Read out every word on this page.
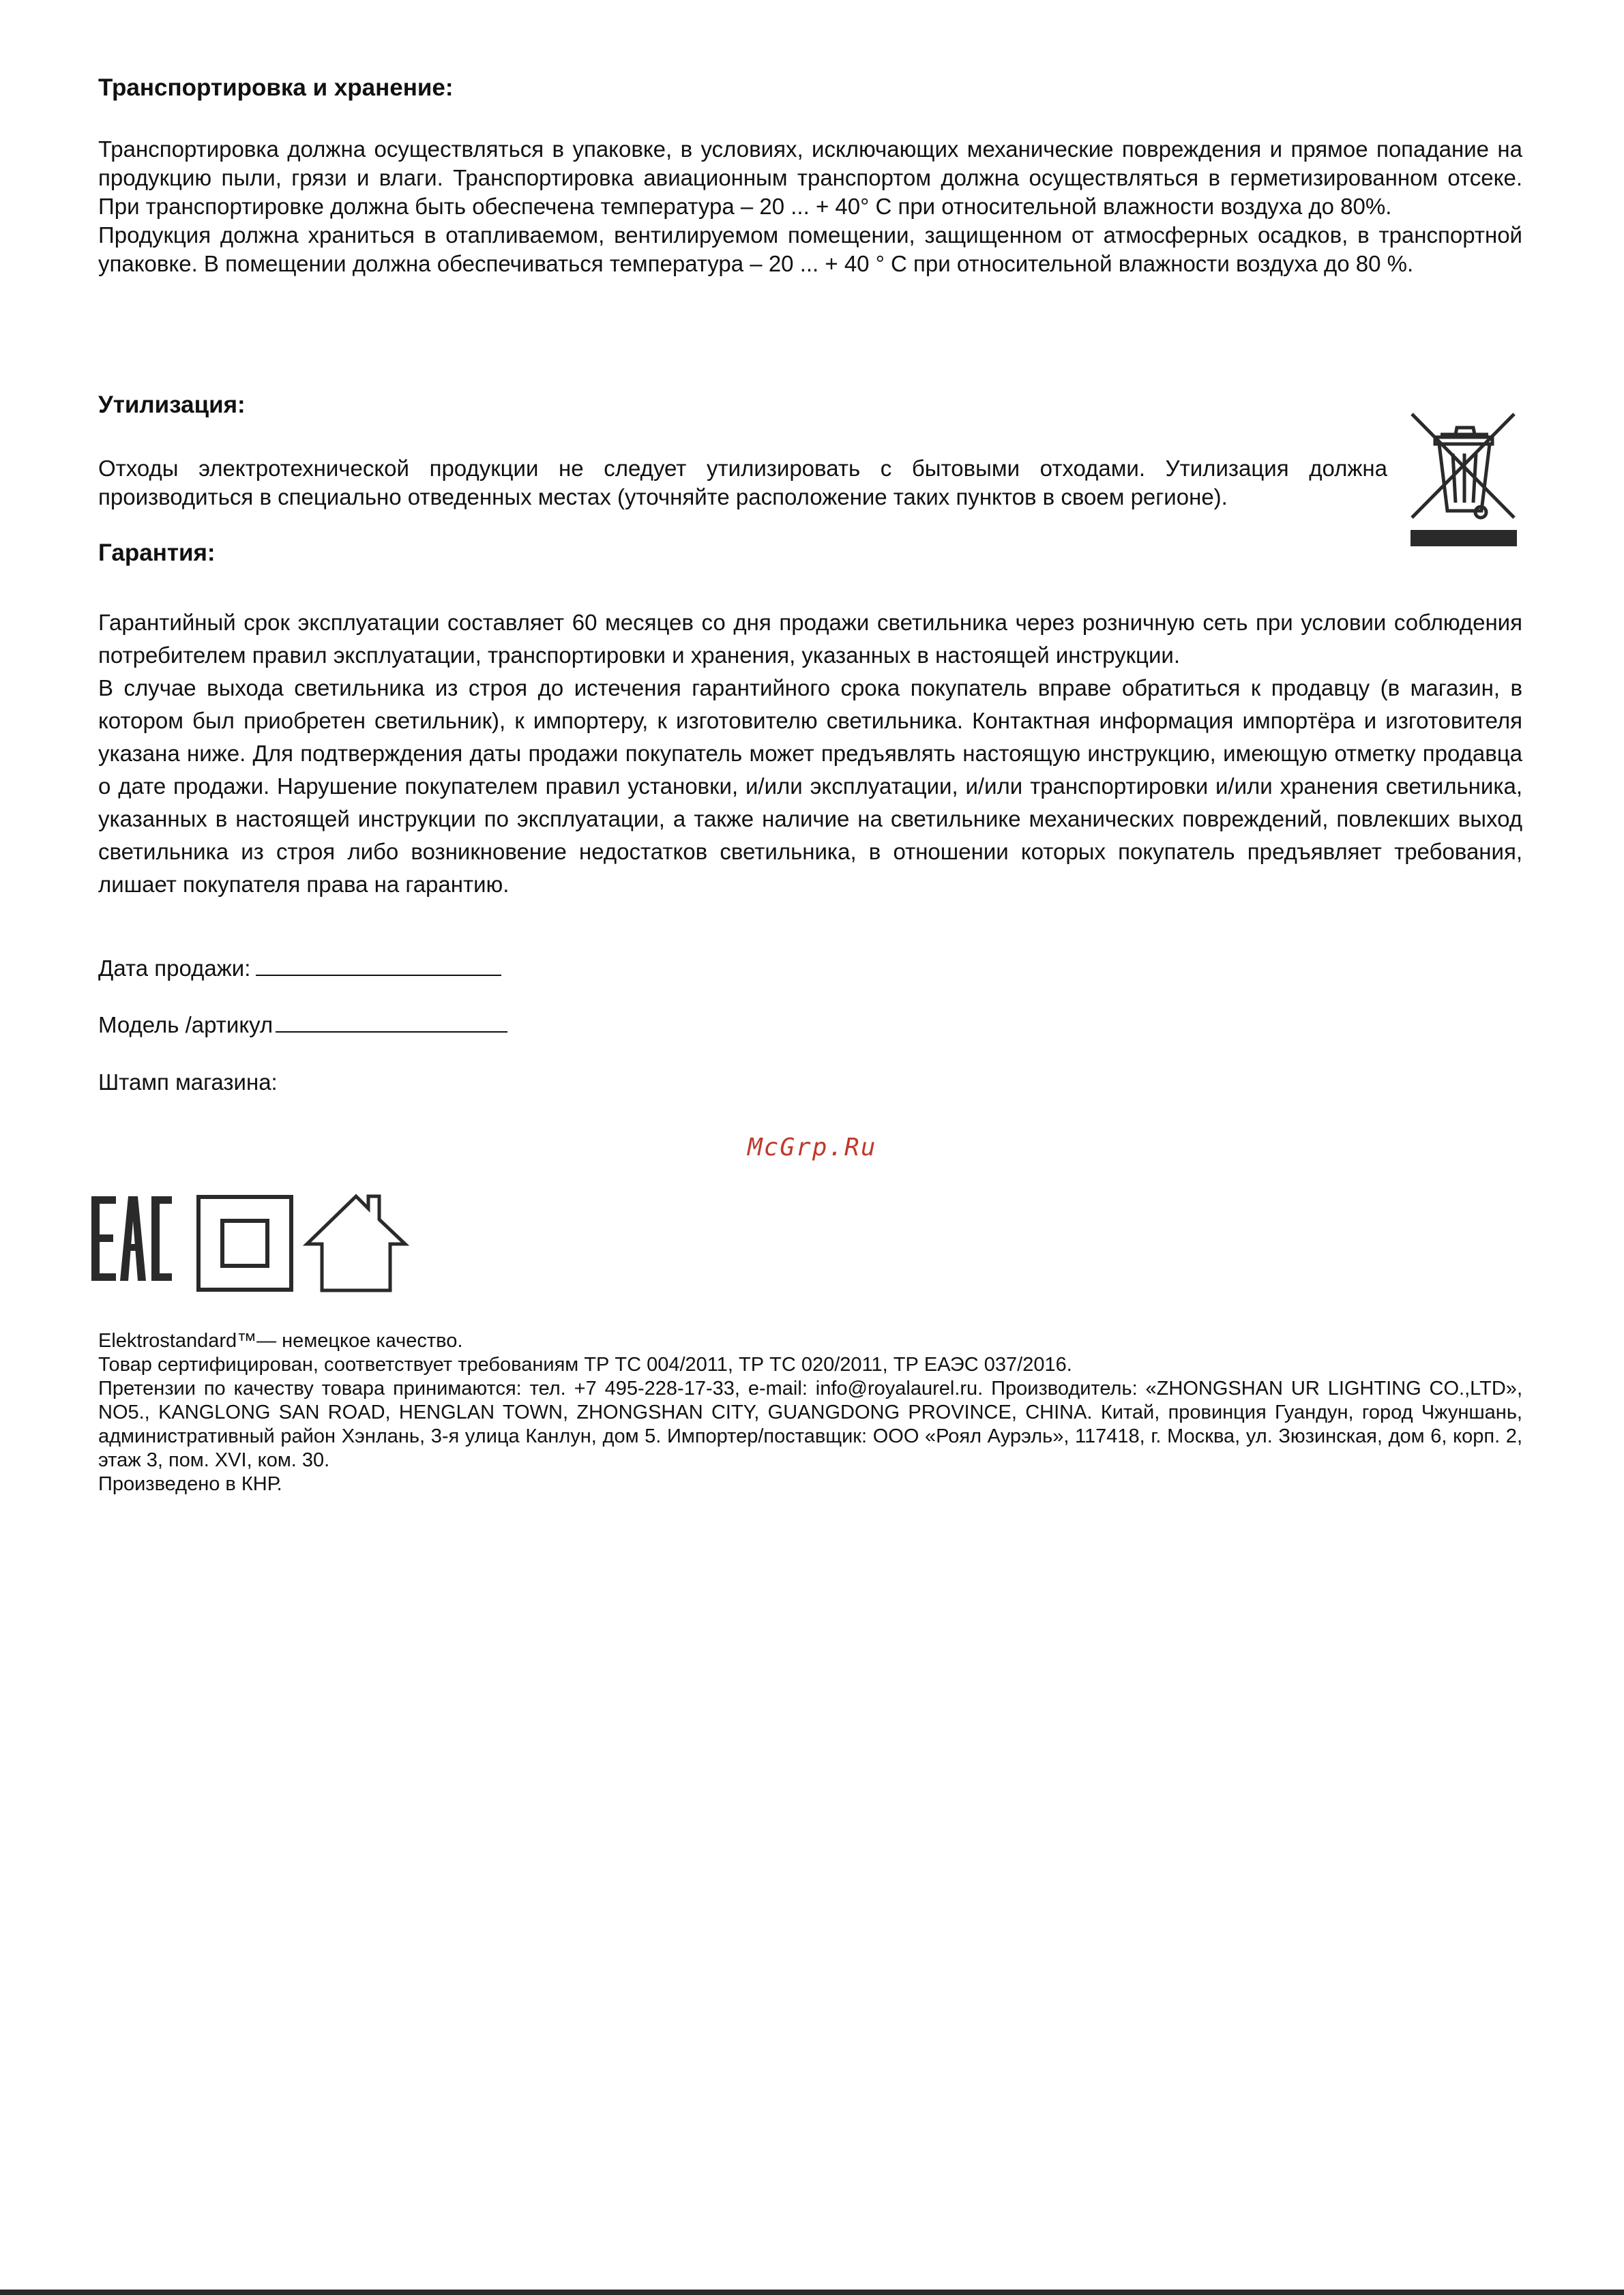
Транспортировка и хранение:

Транспортировка должна осуществляться в упаковке, в условиях, исключающих механические повреждения и прямое попадание на продукцию пыли, грязи и влаги. Транспортировка авиационным транспортом должна осуществляться в герметизированном отсеке. При транспортировке должна быть обеспечена температура – 20 ... + 40° С при относительной влажности воздуха до 80%.

Продукция должна храниться в отапливаемом, вентилируемом помещении, защищенном от атмосферных осадков, в транспортной упаковке. В помещении должна обеспечиваться температура – 20 ... + 40 ° С при относительной влажности воздуха до 80 %.

Утилизация:

Отходы электротехнической продукции не следует утилизировать с бытовыми отходами. Утилизация должна производиться в специально отведенных местах (уточняйте расположение таких пунктов в своем регионе).

Гарантия:

Гарантийный срок эксплуатации составляет 60 месяцев со дня продажи светильника через розничную сеть при условии соблюдения потребителем правил эксплуатации, транспортировки и хранения, указанных в настоящей инструкции.

В случае выхода светильника из строя до истечения гарантийного срока покупатель вправе обратиться к продавцу (в магазин, в котором был приобретен светильник), к импортеру, к изготовителю светильника. Контактная информация импортёра и изготовителя указана ниже. Для подтверждения даты продажи покупатель может предъявлять настоящую инструкцию, имеющую отметку продавца о дате продажи. Нарушение покупателем правил установки, и/или эксплуатации, и/или транспортировки и/или хранения светильника, указанных в настоящей инструкции по эксплуатации, а также наличие на светильнике механических повреждений, повлекших выход светильника из строя либо возникновение недостатков светильника, в отношении которых покупатель предъявляет требования, лишает покупателя права на гарантию.

Дата продажи:

Модель /артикул

Штамп магазина:

McGrp.Ru

Elektrostandard™— немецкое качество.

Товар сертифицирован, соответствует требованиям ТР ТС 004/2011, ТР ТС 020/2011, ТР ЕАЭС 037/2016.

Претензии по качеству товара принимаются: тел. +7 495-228-17-33, e-mail: info@royalaurel.ru. Производитель: «ZHONGSHAN UR LIGHTING CO.,LTD», NO5., KANGLONG SAN ROAD, HENGLAN TOWN, ZHONGSHAN CITY, GUANGDONG PROVINCE, CHINA. Китай, провинция Гуандун, город Чжуншань, административный район Хэнлань, 3-я улица Канлун, дом 5. Импортер/поставщик: ООО «Роял Аурэль», 117418, г. Москва, ул. Зюзинская, дом 6, корп. 2, этаж 3, пом. XVI, ком. 30.

Произведено в КНР.
